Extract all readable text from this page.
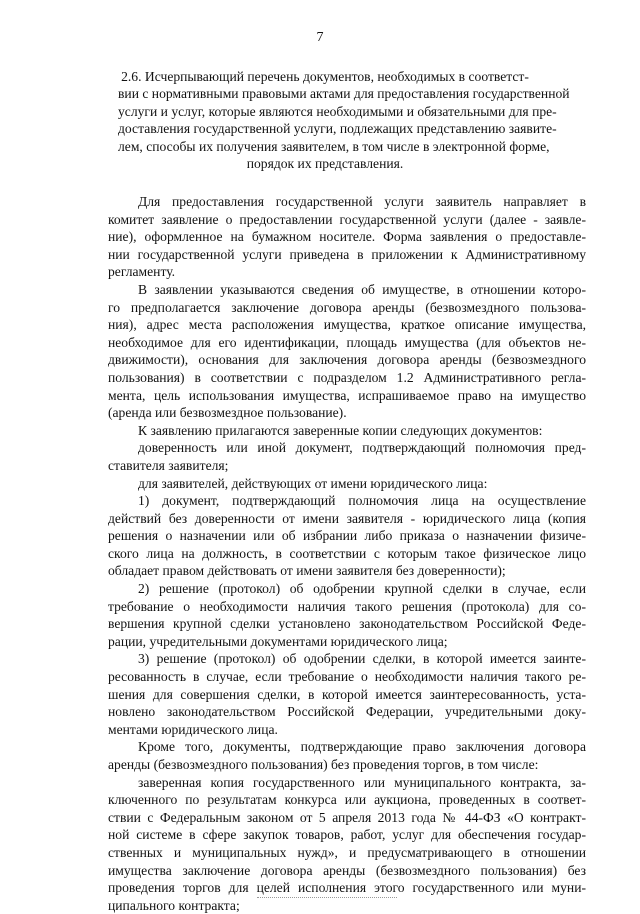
7
2.6. Исчерпывающий перечень документов, необходимых в соответст-
вии с нормативными правовыми актами для предоставления государственной
услуги и услуг, которые являются необходимыми и обязательными для пре-
доставления государственной услуги, подлежащих представлению заявите-
лем, способы их получения заявителем, в том числе в электронной форме,
порядок их представления.
Для предоставления государственной услуги заявитель направляет в
комитет заявление о предоставлении государственной услуги (далее - заявле-
ние), оформленное на бумажном носителе. Форма заявления о предоставле-
нии государственной услуги приведена в приложении к Административному
регламенту.
В заявлении указываются сведения об имуществе, в отношении которо-
го предполагается заключение договора аренды (безвозмездного пользова-
ния), адрес места расположения имущества, краткое описание имущества,
необходимое для его идентификации, площадь имущества (для объектов не-
движимости), основания для заключения договора аренды (безвозмездного
пользования) в соответствии с подразделом 1.2 Административного регла-
мента, цель использования имущества, испрашиваемое право на имущество
(аренда или безвозмездное пользование).
К заявлению прилагаются заверенные копии следующих документов:
доверенность или иной документ, подтверждающий полномочия пред-
ставителя заявителя;
для заявителей, действующих от имени юридического лица:
1) документ, подтверждающий полномочия лица на осуществление
действий без доверенности от имени заявителя - юридического лица (копия
решения о назначении или об избрании либо приказа о назначении физиче-
ского лица на должность, в соответствии с которым такое физическое лицо
обладает правом действовать от имени заявителя без доверенности);
2) решение (протокол) об одобрении крупной сделки в случае, если
требование о необходимости наличия такого решения (протокола) для со-
вершения крупной сделки установлено законодательством Российской Феде-
рации, учредительными документами юридического лица;
3) решение (протокол) об одобрении сделки, в которой имеется заинте-
ресованность в случае, если требование о необходимости наличия такого ре-
шения для совершения сделки, в которой имеется заинтересованность, уста-
новлено законодательством Российской Федерации, учредительными доку-
ментами юридического лица.
Кроме того, документы, подтверждающие право заключения договора
аренды (безвозмездного пользования) без проведения торгов, в том числе:
заверенная копия государственного или муниципального контракта, за-
ключенного по результатам конкурса или аукциона, проведенных в соответ-
ствии с Федеральным законом от 5 апреля 2013 года № 44-ФЗ «О контракт-
ной системе в сфере закупок товаров, работ, услуг для обеспечения государ-
ственных и муниципальных нужд», и предусматривающего в отношении
имущества заключение договора аренды (безвозмездного пользования) без
проведения торгов для целей исполнения этого государственного или муни-
ципального контракта;
